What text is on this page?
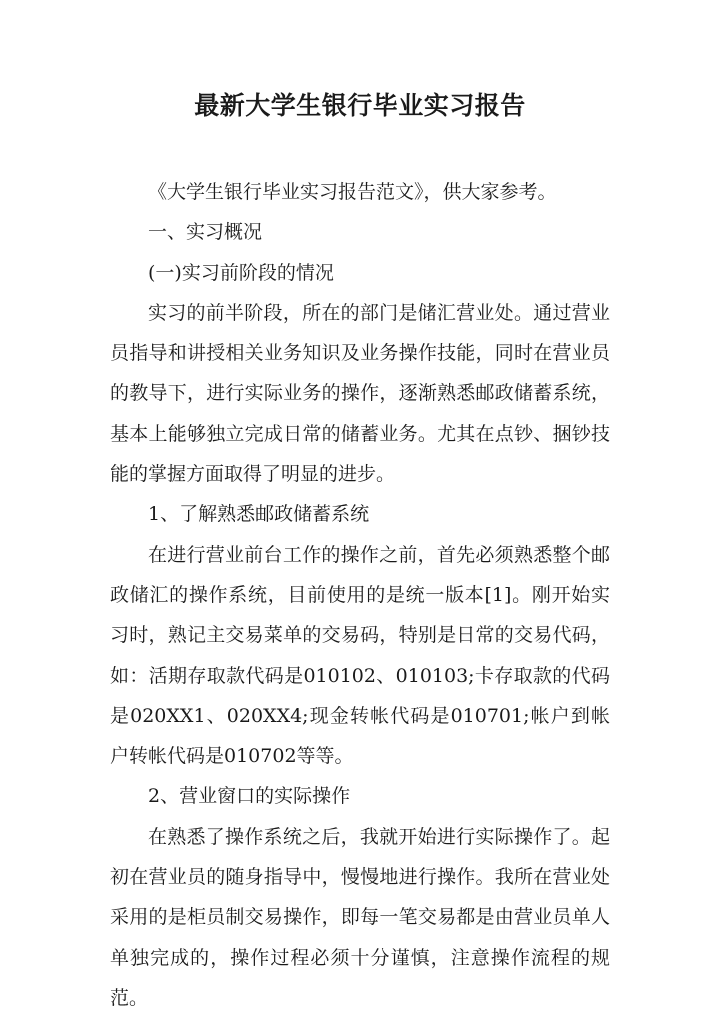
最新大学生银行毕业实习报告

《大学生银行毕业实习报告范文》，供大家参考。

一、实习概况

(一)实习前阶段的情况

实习的前半阶段，所在的部门是储汇营业处。通过营业员指导和讲授相关业务知识及业务操作技能，同时在营业员的教导下，进行实际业务的操作，逐渐熟悉邮政储蓄系统，基本上能够独立完成日常的储蓄业务。尤其在点钞、捆钞技能的掌握方面取得了明显的进步。

1、了解熟悉邮政储蓄系统

在进行营业前台工作的操作之前，首先必须熟悉整个邮政储汇的操作系统，目前使用的是统一版本[1]。刚开始实习时，熟记主交易菜单的交易码，特别是日常的交易代码，如：活期存取款代码是010102、010103;卡存取款的代码是020XX1、020XX4;现金转帐代码是010701;帐户到帐户转帐代码是010702等等。

2、营业窗口的实际操作

在熟悉了操作系统之后，我就开始进行实际操作了。起初在营业员的随身指导中，慢慢地进行操作。我所在营业处采用的是柜员制交易操作，即每一笔交易都是由营业员单人单独完成的，操作过程必须十分谨慎，注意操作流程的规范。
